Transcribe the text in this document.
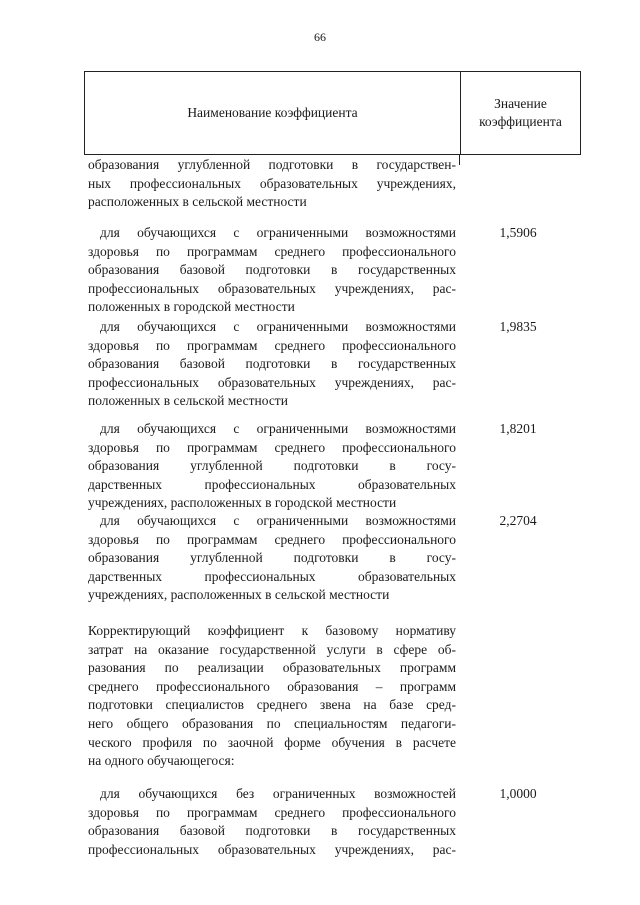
66
Наименование коэффициента
Значение
коэффициента
образования углубленной подготовки в государствен-
ных профессиональных образовательных учреждениях,
расположенных в сельской местности
для обучающихся с ограниченными возможностями
здоровья по программам среднего профессионального
образования базовой подготовки в государственных
профессиональных образовательных учреждениях, рас-
положенных в городской местности
1,5906
для обучающихся с ограниченными возможностями
здоровья по программам среднего профессионального
образования базовой подготовки в государственных
профессиональных образовательных учреждениях, рас-
положенных в сельской местности
1,9835
для обучающихся с ограниченными возможностями
здоровья по программам среднего профессионального
образования углубленной подготовки в госу-
дарственных профессиональных образовательных
учреждениях, расположенных в городской местности
1,8201
для обучающихся с ограниченными возможностями
здоровья по программам среднего профессионального
образования углубленной подготовки в госу-
дарственных профессиональных образовательных
учреждениях, расположенных в сельской местности
2,2704
Корректирующий коэффициент к базовому нормативу
затрат на оказание государственной услуги в сфере об-
разования по реализации образовательных программ
среднего профессионального образования – программ
подготовки специалистов среднего звена на базе сред-
него общего образования по специальностям педагоги-
ческого профиля по заочной форме обучения в расчете
на одного обучающегося:
для обучающихся без ограниченных возможностей
здоровья по программам среднего профессионального
образования базовой подготовки в государственных
профессиональных образовательных учреждениях, рас-
1,0000
